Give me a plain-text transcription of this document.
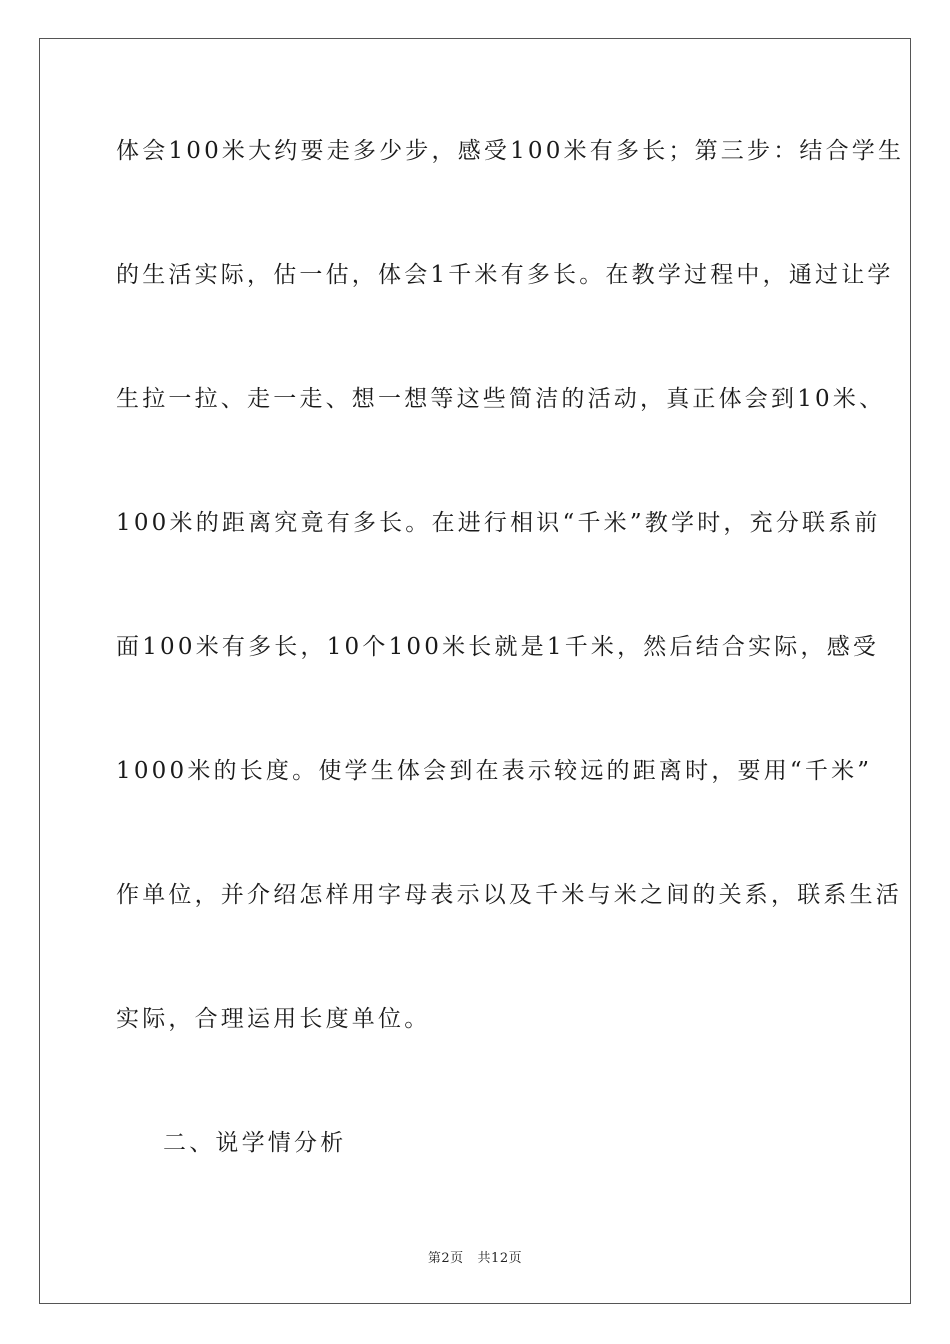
体会100米大约要走多少步，感受100米有多长；第三步：结合学生
的生活实际，估一估，体会1千米有多长。在教学过程中，通过让学
生拉一拉、走一走、想一想等这些简洁的活动，真正体会到10米、
100米的距离究竟有多长。在进行相识“千米”教学时，充分联系前
面100米有多长，10个100米长就是1千米，然后结合实际，感受
1000米的长度。使学生体会到在表示较远的距离时，要用“千米”
作单位，并介绍怎样用字母表示以及千米与米之间的关系，联系生活
实际，合理运用长度单位。
二、说学情分析
第2页   共12页
